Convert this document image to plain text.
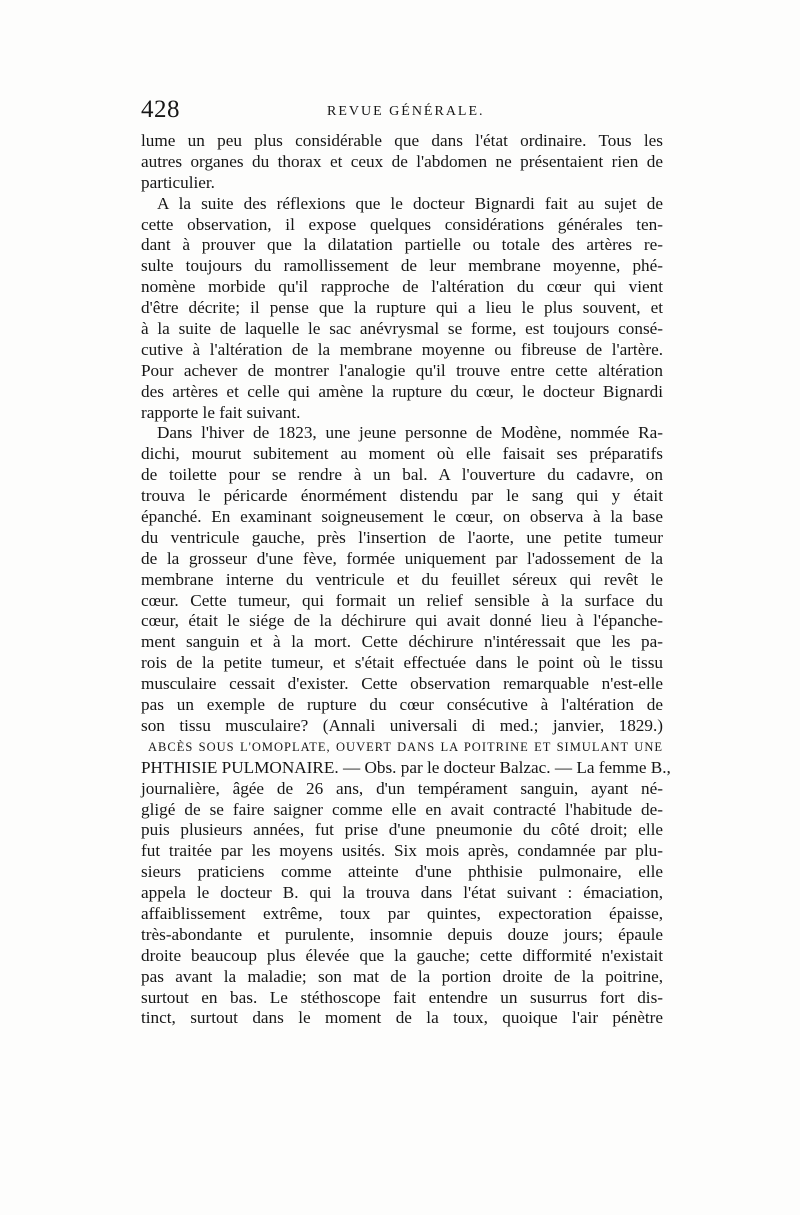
428	REVUE GÉNÉRALE.
lume un peu plus considérable que dans l'état ordinaire. Tous les
autres organes du thorax et ceux de l'abdomen ne présentaient rien de
particulier.
A la suite des réflexions que le docteur Bignardi fait au sujet de
cette observation, il expose quelques considérations générales ten-
dant à prouver que la dilatation partielle ou totale des artères re-
sulte toujours du ramollissement de leur membrane moyenne, phé-
nomène morbide qu'il rapproche de l'altération du cœur qui vient
d'être décrite; il pense que la rupture qui a lieu le plus souvent, et
à la suite de laquelle le sac anévrysmal se forme, est toujours consé-
cutive à l'altération de la membrane moyenne ou fibreuse de l'artère.
Pour achever de montrer l'analogie qu'il trouve entre cette altération
des artères et celle qui amène la rupture du cœur, le docteur Bignardi
rapporte le fait suivant.
Dans l'hiver de 1823, une jeune personne de Modène, nommée Ra-
dichi, mourut subitement au moment où elle faisait ses préparatifs
de toilette pour se rendre à un bal. A l'ouverture du cadavre, on
trouva le péricarde énormément distendu par le sang qui y était
épanché. En examinant soigneusement le cœur, on observa à la base
du ventricule gauche, près l'insertion de l'aorte, une petite tumeur
de la grosseur d'une fève, formée uniquement par l'adossement de la
membrane interne du ventricule et du feuillet séreux qui revêt le
cœur. Cette tumeur, qui formait un relief sensible à la surface du
cœur, était le siége de la déchirure qui avait donné lieu à l'épanche-
ment sanguin et à la mort. Cette déchirure n'intéressait que les pa-
rois de la petite tumeur, et s'était effectuée dans le point où le tissu
musculaire cessait d'exister. Cette observation remarquable n'est-elle
pas un exemple de rupture du cœur consécutive à l'altération de
son tissu musculaire? (Annali universali di med.; janvier, 1829.)
ABCÈS SOUS L'OMOPLATE, OUVERT DANS LA POITRINE ET SIMULANT UNE
PHTHISIE PULMONAIRE. — Obs. par le docteur Balzac. — La femme B.,
journalière, âgée de 26 ans, d'un tempérament sanguin, ayant né-
gligé de se faire saigner comme elle en avait contracté l'habitude de-
puis plusieurs années, fut prise d'une pneumonie du côté droit; elle
fut traitée par les moyens usités. Six mois après, condamnée par plu-
sieurs praticiens comme atteinte d'une phthisie pulmonaire, elle
appela le docteur B. qui la trouva dans l'état suivant : émaciation,
affaiblissement extrême, toux par quintes, expectoration épaisse,
très-abondante et purulente, insomnie depuis douze jours; épaule
droite beaucoup plus élevée que la gauche; cette difformité n'existait
pas avant la maladie; son mat de la portion droite de la poitrine,
surtout en bas. Le stéthoscope fait entendre un susurrus fort dis-
tinct, surtout dans le moment de la toux, quoique l'air pénètre
